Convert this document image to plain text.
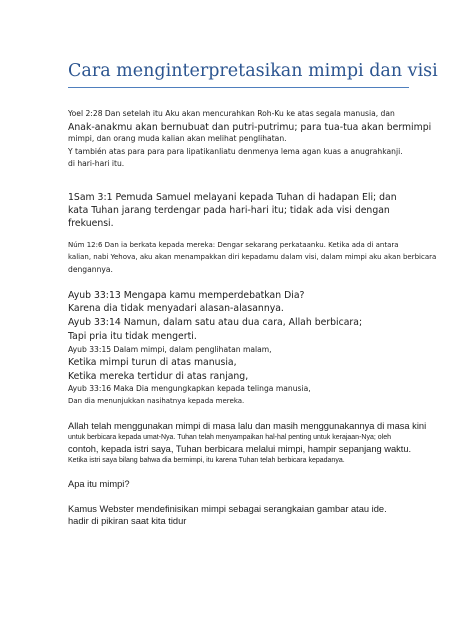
Cara menginterpretasikan mimpi dan visi
Yoel 2:28 Dan setelah itu Aku akan mencurahkan Roh-Ku ke atas segala manusia, dan
Anak-anakmu akan bernubuat dan putri-putrimu; para tua-tua akan bermimpi
mimpi, dan orang muda kalian akan melihat penglihatan.
Y también atas para para para lipatikanliatu denmenya lema agan kuas a anugrahkanji.
di hari-hari itu.
1Sam 3:1 Pemuda Samuel melayani kepada Tuhan di hadapan Eli; dan
kata Tuhan jarang terdengar pada hari-hari itu; tidak ada visi dengan
frekuensi.
Núm 12:6 Dan ia berkata kepada mereka: Dengar sekarang perkataanku. Ketika ada di antara
kalian, nabi Yehova, aku akan menampakkan diri kepadamu dalam visi, dalam mimpi aku akan berbicara
dengannya.
Ayub 33:13 Mengapa kamu memperdebatkan Dia?
Karena dia tidak menyadari alasan-alasannya.
Ayub 33:14 Namun, dalam satu atau dua cara, Allah berbicara;
Tapi pria itu tidak mengerti.
Ayub 33:15 Dalam mimpi, dalam penglihatan malam,
Ketika mimpi turun di atas manusia,
Ketika mereka tertidur di atas ranjang,
Ayub 33:16 Maka Dia mengungkapkan kepada telinga manusia,
Dan dia menunjukkan nasihatnya kepada mereka.
Allah telah menggunakan mimpi di masa lalu dan masih menggunakannya di masa kini
untuk berbicara kepada umat-Nya. Tuhan telah menyampaikan hal-hal penting untuk kerajaan-Nya; oleh
contoh, kepada istri saya, Tuhan berbicara melalui mimpi, hampir sepanjang waktu.
Ketika istri saya bilang bahwa dia bermimpi, itu karena Tuhan telah berbicara kepadanya.
Apa itu mimpi?
Kamus Webster mendefinisikan mimpi sebagai serangkaian gambar atau ide.
hadir di pikiran saat kita tidur
